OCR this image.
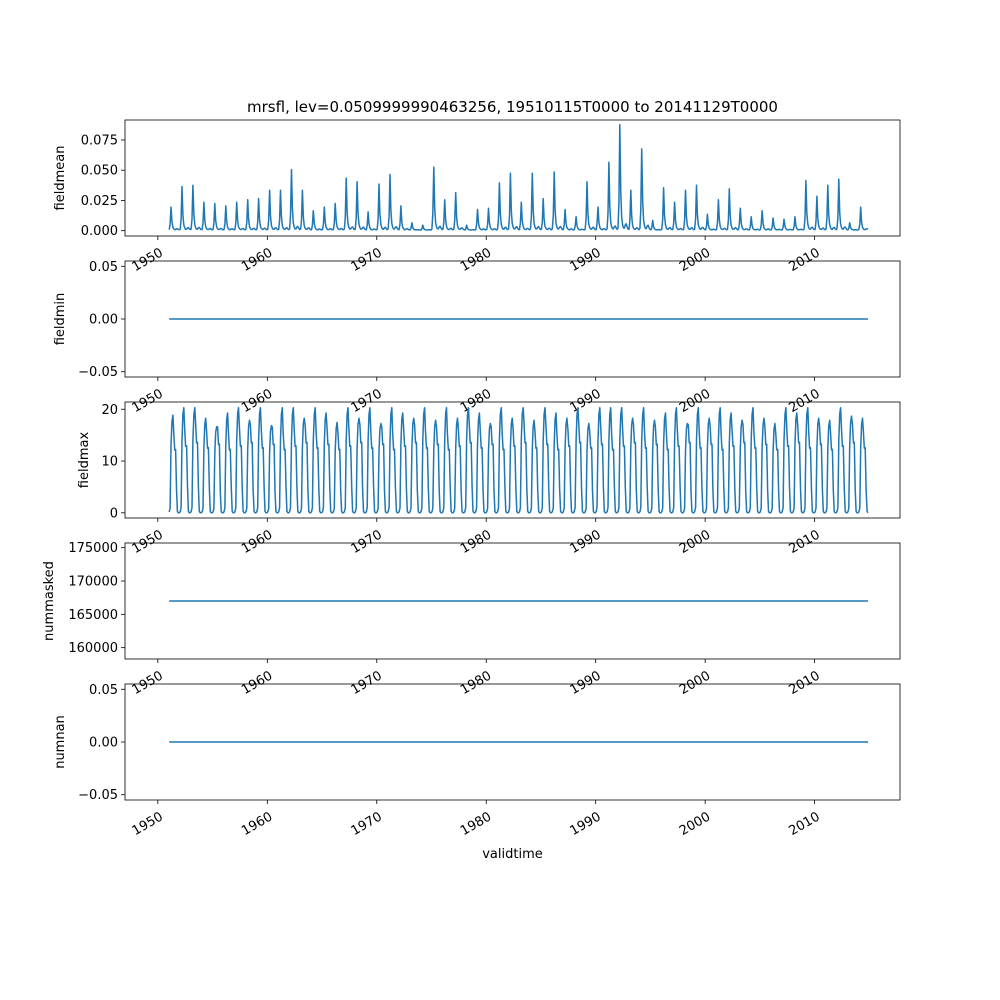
mrsfl, lev=0.0509999990463256, 19510115T0000 to 20141129T0000
validtime
0.000
0.025
0.050
0.075
1950	1960	1970	1980	1990	2000	2010
fieldmean
−0.05
0.00
0.05
1950	1960	1970	1980	1990	2000	2010
fieldmin
0
10
20
1950	1960	1970	1980	1990	2000	2010
fieldmax
160000
165000
170000
175000
1950	1960	1970	1980	1990	2000	2010
nummasked
−0.05
0.00
0.05
1950	1960	1970	1980	1990	2000	2010
numnan
